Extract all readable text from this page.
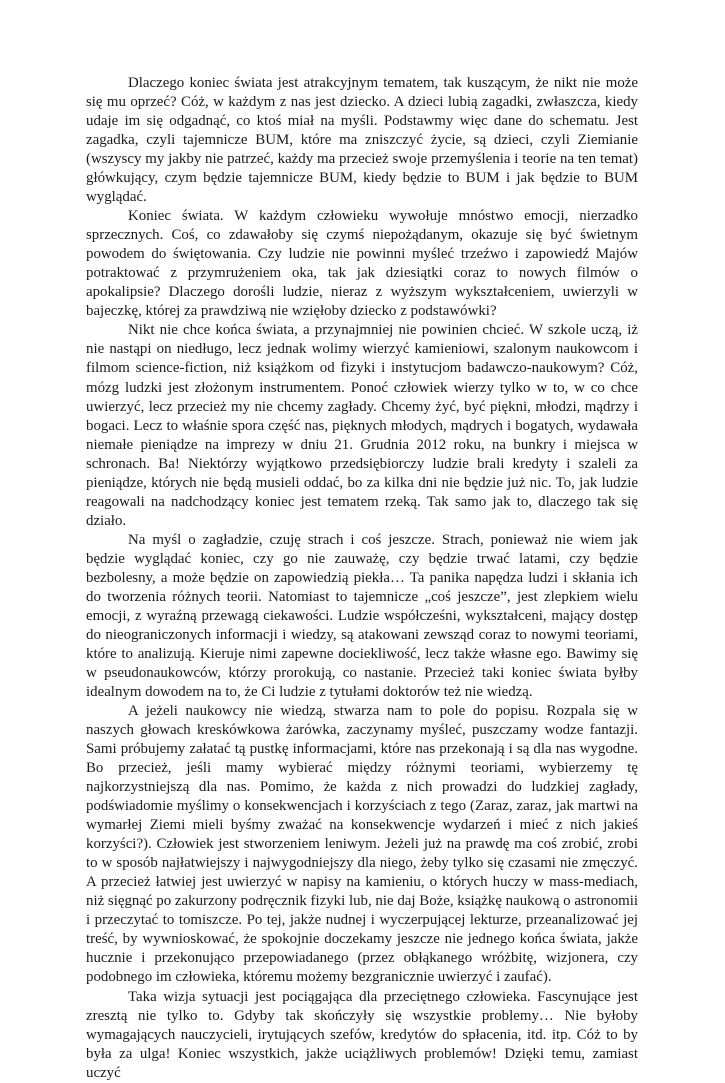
Dlaczego koniec świata jest atrakcyjnym tematem, tak kuszącym, że nikt nie może się mu oprzeć? Cóż, w każdym z nas jest dziecko. A dzieci lubią zagadki, zwłaszcza, kiedy udaje im się odgadnąć, co ktoś miał na myśli. Podstawmy więc dane do schematu. Jest zagadka, czyli tajemnicze BUM, które ma zniszczyć życie, są dzieci, czyli Ziemianie (wszyscy my jakby nie patrzeć, każdy ma przecież swoje przemyślenia i teorie na ten temat) główkujący, czym będzie tajemnicze BUM, kiedy będzie to BUM i jak będzie to BUM wyglądać.

Koniec świata. W każdym człowieku wywołuje mnóstwo emocji, nierzadko sprzecznych. Coś, co zdawałoby się czymś niepożądanym, okazuje się być świetnym powodem do świętowania. Czy ludzie nie powinni myśleć trzeźwo i zapowiedź Majów potraktować z przymrużeniem oka, tak jak dziesiątki coraz to nowych filmów o apokalipsie? Dlaczego dorośli ludzie, nieraz z wyższym wykształceniem, uwierzyli w bajeczkę, której za prawdziwą nie wzięłoby dziecko z podstawówki?

Nikt nie chce końca świata, a przynajmniej nie powinien chcieć. W szkole uczą, iż nie nastąpi on niedługo, lecz jednak wolimy wierzyć kamieniowi, szalonym naukowcom i filmom science-fiction, niż książkom od fizyki i instytucjom badawczo-naukowym? Cóż, mózg ludzki jest złożonym instrumentem. Ponoć człowiek wierzy tylko w to, w co chce uwierzyć, lecz przecież my nie chcemy zagłady. Chcemy żyć, być piękni, młodzi, mądrzy i bogaci. Lecz to właśnie spora część nas, pięknych młodych, mądrych i bogatych, wydawała niemałe pieniądze na imprezy w dniu 21. Grudnia 2012 roku, na bunkry i miejsca w schronach. Ba! Niektórzy wyjątkowo przedsiębiorczy ludzie brali kredyty i szaleli za pieniądze, których nie będą musieli oddać, bo za kilka dni nie będzie już nic. To, jak ludzie reagowali na nadchodzący koniec jest tematem rzeką. Tak samo jak to, dlaczego tak się działo.

Na myśl o zagładzie, czuję strach i coś jeszcze. Strach, ponieważ nie wiem jak będzie wyglądać koniec, czy go nie zauważę, czy będzie trwać latami, czy będzie bezbolesny, a może będzie on zapowiedzią piekła… Ta panika napędza ludzi i skłania ich do tworzenia różnych teorii. Natomiast to tajemnicze „coś jeszcze”, jest zlepkiem wielu emocji, z wyraźną przewagą ciekawości. Ludzie współcześni, wykształceni, mający dostęp do nieograniczonych informacji i wiedzy, są atakowani zewsząd coraz to nowymi teoriami, które to analizują. Kieruje nimi zapewne dociekliwość, lecz także własne ego. Bawimy się w pseudonaukowców, którzy prorokują, co nastanie. Przecież taki koniec świata byłby idealnym dowodem na to, że Ci ludzie z tytułami doktorów też nie wiedzą.

A jeżeli naukowcy nie wiedzą, stwarza nam to pole do popisu. Rozpala się w naszych głowach kreskówkowa żarówka, zaczynamy myśleć, puszczamy wodze fantazji. Sami próbujemy załatać tą pustkę informacjami, które nas przekonają i są dla nas wygodne. Bo przecież, jeśli mamy wybierać między różnymi teoriami, wybierzemy tę najkorzystniejszą dla nas. Pomimo, że każda z nich prowadzi do ludzkiej zagłady, podświadomie myślimy o konsekwencjach i korzyściach z tego (Zaraz, zaraz, jak martwi na wymarłej Ziemi mieli byśmy zważać na konsekwencje wydarzeń i mieć z nich jakieś korzyści?). Człowiek jest stworzeniem leniwym. Jeżeli już na prawdę ma coś zrobić, zrobi to w sposób najłatwiejszy i najwygodniejszy dla niego, żeby tylko się czasami nie zmęczyć. A przecież łatwiej jest uwierzyć w napisy na kamieniu, o których huczy w mass-mediach, niż sięgnąć po zakurzony podręcznik fizyki lub, nie daj Boże, książkę naukową o astronomii i przeczytać to tomiszcze. Po tej, jakże nudnej i wyczerpującej lekturze, przeanalizować jej treść, by wywnioskować, że spokojnie doczekamy jeszcze nie jednego końca świata, jakże hucznie i przekonująco przepowiadanego (przez obłąkanego wróżbitę, wizjonera, czy podobnego im człowieka, któremu możemy bezgranicznie uwierzyć i zaufać).

Taka wizja sytuacji jest pociągająca dla przeciętnego człowieka. Fascynujące jest zresztą nie tylko to. Gdyby tak skończyły się wszystkie problemy… Nie byłoby wymagających nauczycieli, irytujących szefów, kredytów do spłacenia, itd. itp. Cóż to by była za ulga! Koniec wszystkich, jakże uciążliwych problemów! Dzięki temu, zamiast uczyć
